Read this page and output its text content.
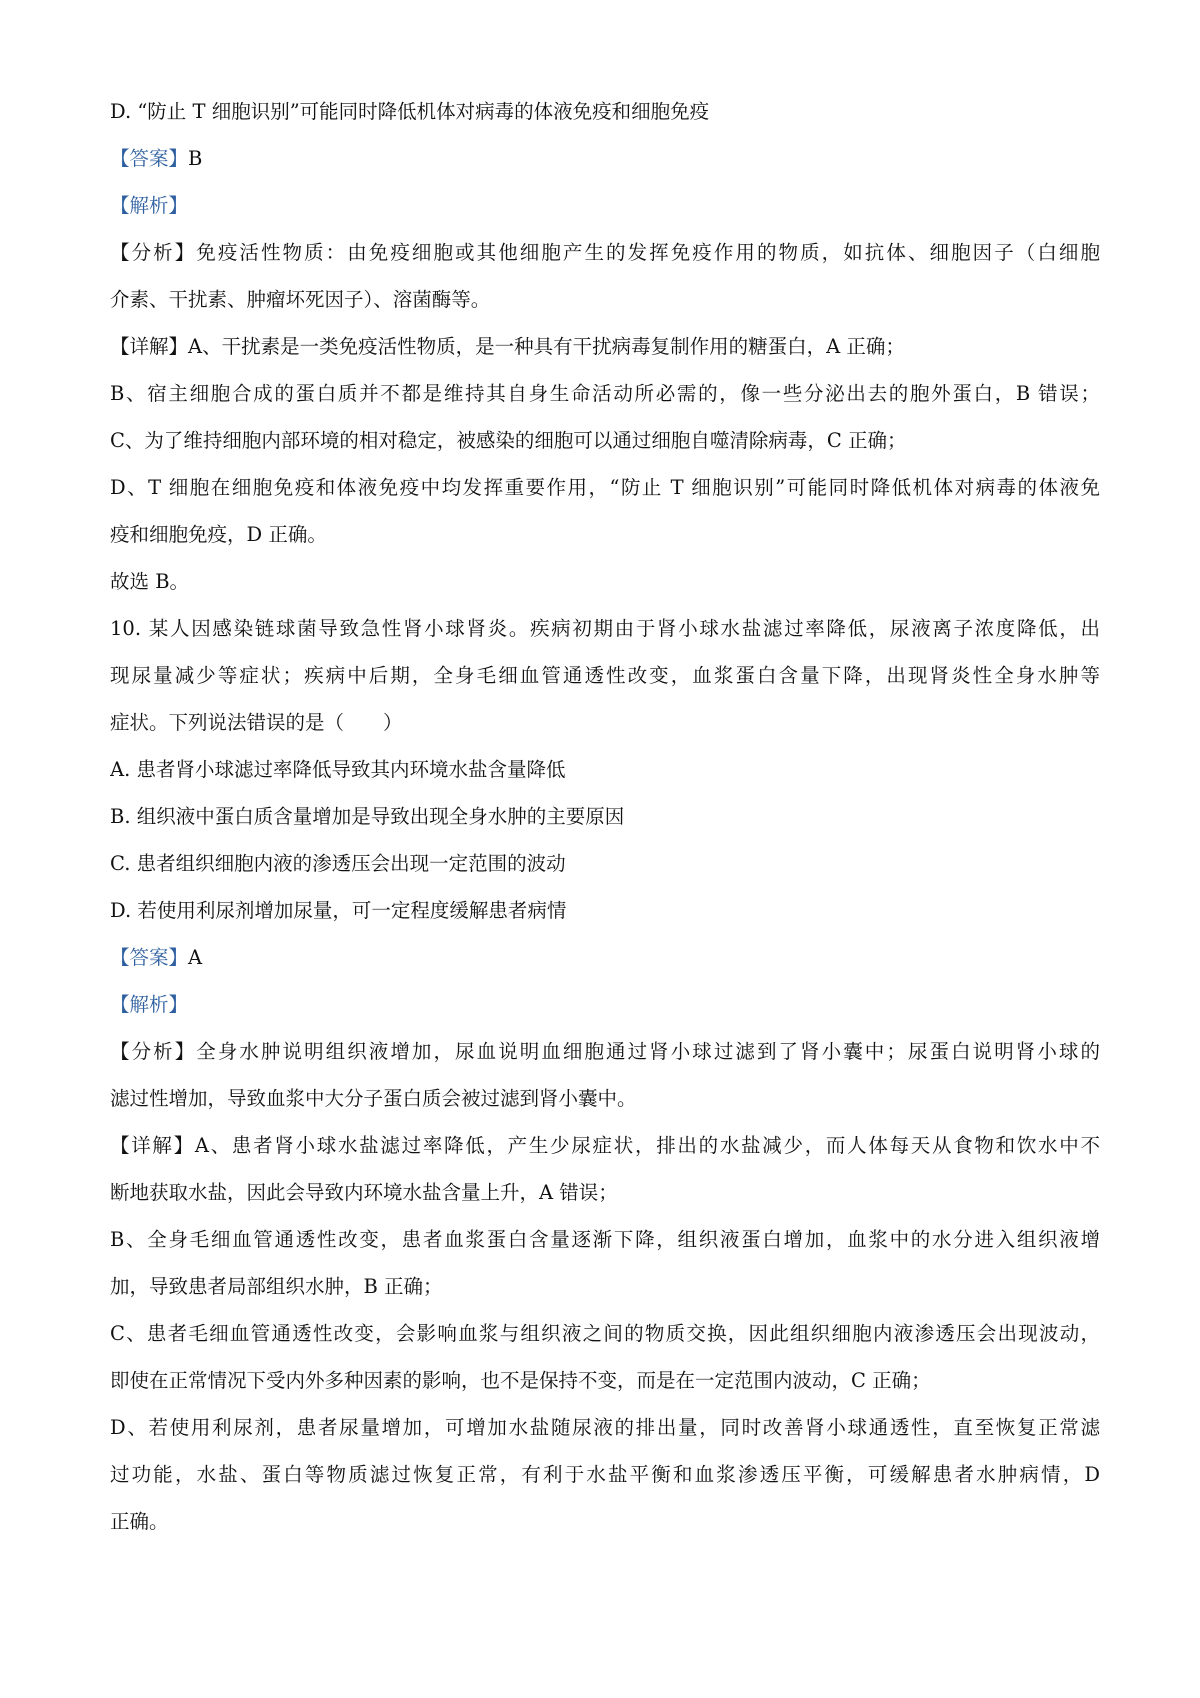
D. “防止 T 细胞识别”可能同时降低机体对病毒的体液免疫和细胞免疫
【答案】B
【解析】
【分析】免疫活性物质：由免疫细胞或其他细胞产生的发挥免疫作用的物质，如抗体、细胞因子（白细胞
介素、干扰素、肿瘤坏死因子）、溶菌酶等。
【详解】A、干扰素是一类免疫活性物质，是一种具有干扰病毒复制作用的糖蛋白，A 正确；
B、宿主细胞合成的蛋白质并不都是维持其自身生命活动所必需的，像一些分泌出去的胞外蛋白，B 错误；
C、为了维持细胞内部环境的相对稳定，被感染的细胞可以通过细胞自噬清除病毒，C 正确；
D、T 细胞在细胞免疫和体液免疫中均发挥重要作用，“防止 T 细胞识别”可能同时降低机体对病毒的体液免
疫和细胞免疫，D 正确。
故选 B。
10. 某人因感染链球菌导致急性肾小球肾炎。疾病初期由于肾小球水盐滤过率降低，尿液离子浓度降低，出
现尿量减少等症状；疾病中后期，全身毛细血管通透性改变，血浆蛋白含量下降，出现肾炎性全身水肿等
症状。下列说法错误的是（　　）
A. 患者肾小球滤过率降低导致其内环境水盐含量降低
B. 组织液中蛋白质含量增加是导致出现全身水肿的主要原因
C. 患者组织细胞内液的渗透压会出现一定范围的波动
D. 若使用利尿剂增加尿量，可一定程度缓解患者病情
【答案】A
【解析】
【分析】全身水肿说明组织液增加，尿血说明血细胞通过肾小球过滤到了肾小囊中；尿蛋白说明肾小球的
滤过性增加，导致血浆中大分子蛋白质会被过滤到肾小囊中。
【详解】A、患者肾小球水盐滤过率降低，产生少尿症状，排出的水盐减少，而人体每天从食物和饮水中不
断地获取水盐，因此会导致内环境水盐含量上升，A 错误；
B、全身毛细血管通透性改变，患者血浆蛋白含量逐渐下降，组织液蛋白增加，血浆中的水分进入组织液增
加，导致患者局部组织水肿，B 正确；
C、患者毛细血管通透性改变，会影响血浆与组织液之间的物质交换，因此组织细胞内液渗透压会出现波动，
即使在正常情况下受内外多种因素的影响，也不是保持不变，而是在一定范围内波动，C 正确；
D、若使用利尿剂，患者尿量增加，可增加水盐随尿液的排出量，同时改善肾小球通透性，直至恢复正常滤
过功能，水盐、蛋白等物质滤过恢复正常，有利于水盐平衡和血浆渗透压平衡，可缓解患者水肿病情，D
正确。
